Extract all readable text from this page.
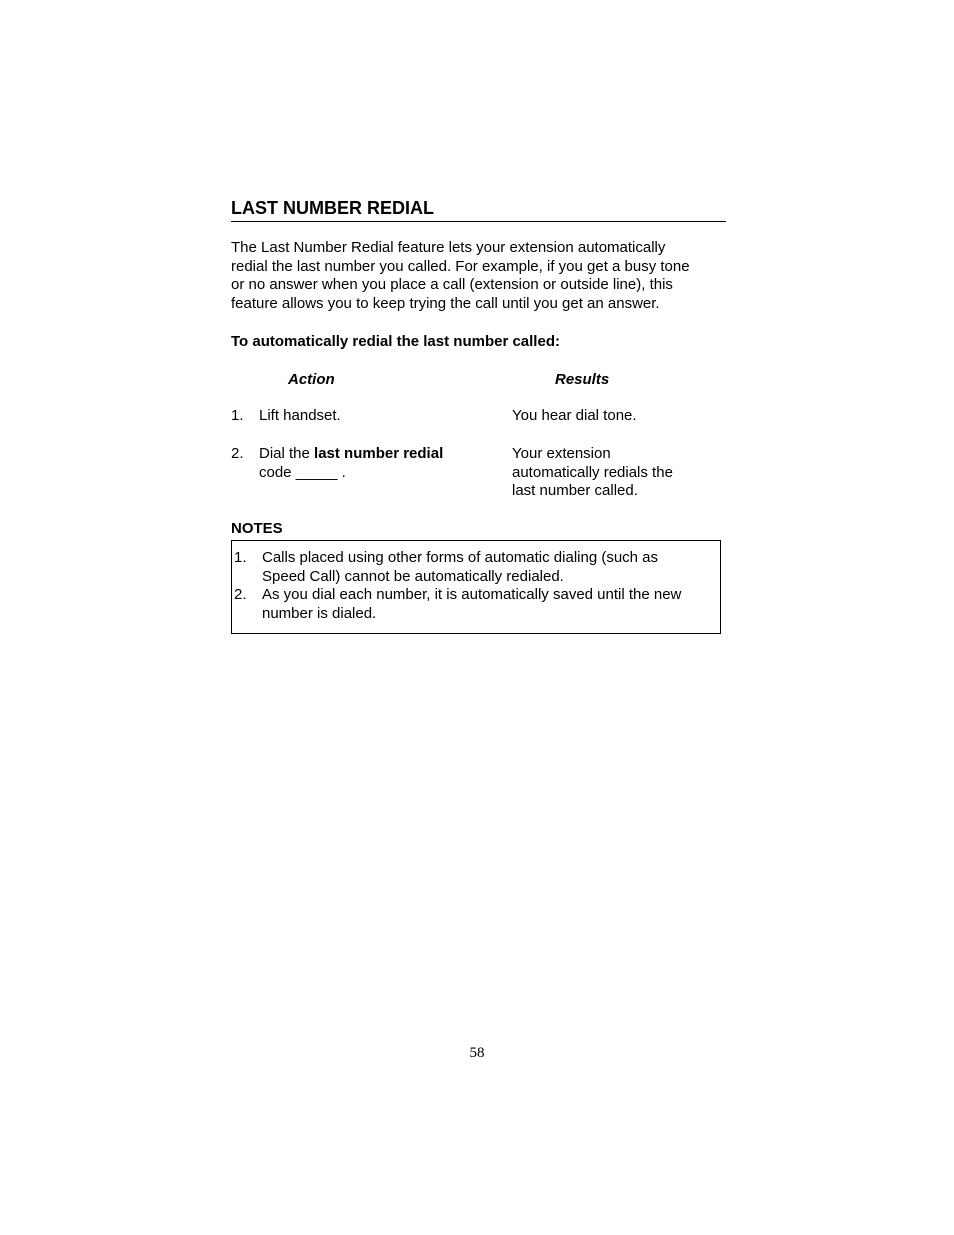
LAST NUMBER REDIAL
The Last Number Redial feature lets your extension automatically
redial the last number you called. For example, if you get a busy tone
or no answer when you place a call (extension or outside line), this
feature allows you to keep trying the call until you get an answer.
To automatically redial the last number called:
Action	Results
1. Lift handset.	You hear dial tone.
2. Dial the last number redial
code _____ .
Your extension
automatically redials the
last number called.
NOTES
1. Calls placed using other forms of automatic dialing (such as
Speed Call) cannot be automatically redialed.
2. As you dial each number, it is automatically saved until the new
number is dialed.
58
